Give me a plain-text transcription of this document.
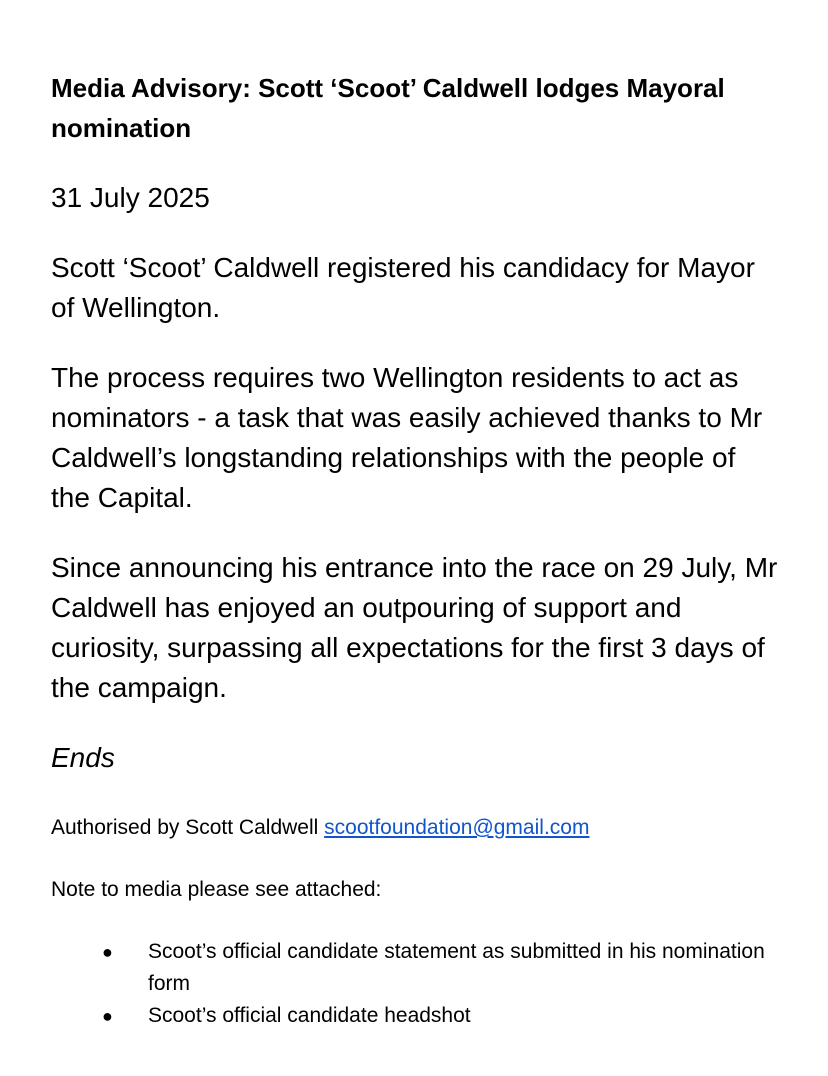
Media Advisory: Scott ‘Scoot’ Caldwell lodges Mayoral nomination

31 July 2025

Scott ‘Scoot’ Caldwell registered his candidacy for Mayor of Wellington.

The process requires two Wellington residents to act as nominators - a task that was easily achieved thanks to Mr Caldwell’s longstanding relationships with the people of the Capital.

Since announcing his entrance into the race on 29 July, Mr Caldwell has enjoyed an outpouring of support and curiosity, surpassing all expectations for the first 3 days of the campaign.

Ends

Authorised by Scott Caldwell scootfoundation@gmail.com

Note to media please see attached:

● Scoot’s official candidate statement as submitted in his nomination form
● Scoot’s official candidate headshot
